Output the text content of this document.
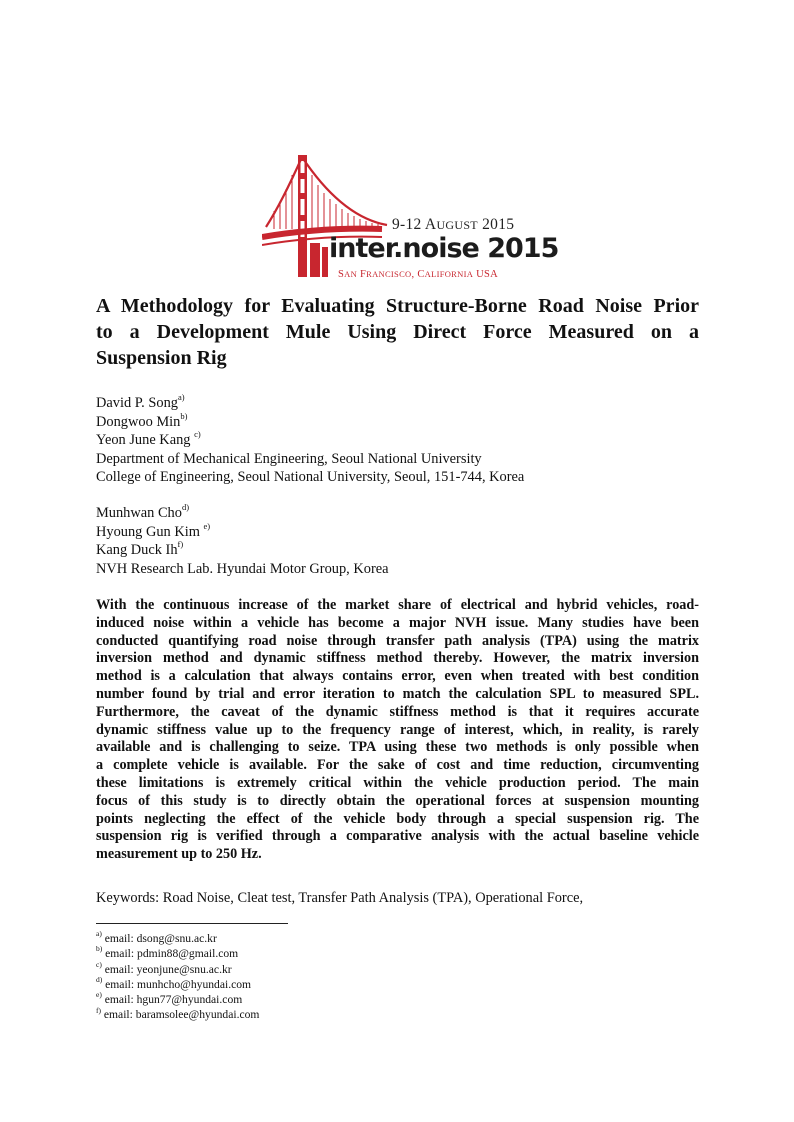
9-12 AUGUST 2015
inter.noise 2015
SAN FRANCISCO, CALIFORNIA USA
A Methodology for Evaluating Structure-Borne Road Noise Prior
to a Development Mule Using Direct Force Measured on a
Suspension Rig
David P. Song$^{a)}$
Dongwoo Min$^{b)}$
Yeon June Kang $^{c)}$
Department of Mechanical Engineering, Seoul National University
College of Engineering, Seoul National University, Seoul, 151-744, Korea
Munhwan Cho$^{d)}$
Hyoung Gun Kim $^{e)}$
Kang Duck Ih$^{f)}$
NVH Research Lab. Hyundai Motor Group, Korea
With the continuous increase of the market share of electrical and hybrid vehicles, road-
induced noise within a vehicle has become a major NVH issue. Many studies have been
conducted quantifying road noise through transfer path analysis (TPA) using the matrix
inversion method and dynamic stiffness method thereby. However, the matrix inversion
method is a calculation that always contains error, even when treated with best condition
number found by trial and error iteration to match the calculation SPL to measured SPL.
Furthermore, the caveat of the dynamic stiffness method is that it requires accurate
dynamic stiffness value up to the frequency range of interest, which, in reality, is rarely
available and is challenging to seize. TPA using these two methods is only possible when
a complete vehicle is available. For the sake of cost and time reduction, circumventing
these limitations is extremely critical within the vehicle production period. The main
focus of this study is to directly obtain the operational forces at suspension mounting
points neglecting the effect of the vehicle body through a special suspension rig. The
suspension rig is verified through a comparative analysis with the actual baseline vehicle
measurement up to 250 Hz.

Keywords: Road Noise, Cleat test, Transfer Path Analysis (TPA), Operational Force,

$^{a)}$ email: dsong@snu.ac.kr
$^{b)}$ email: pdmin88@gmail.com
$^{c)}$ email: yeonjune@snu.ac.kr
$^{d)}$ email: munhcho@hyundai.com
$^{e)}$ email: hgun77@hyundai.com
$^{f)}$ email: baramsolee@hyundai.com
